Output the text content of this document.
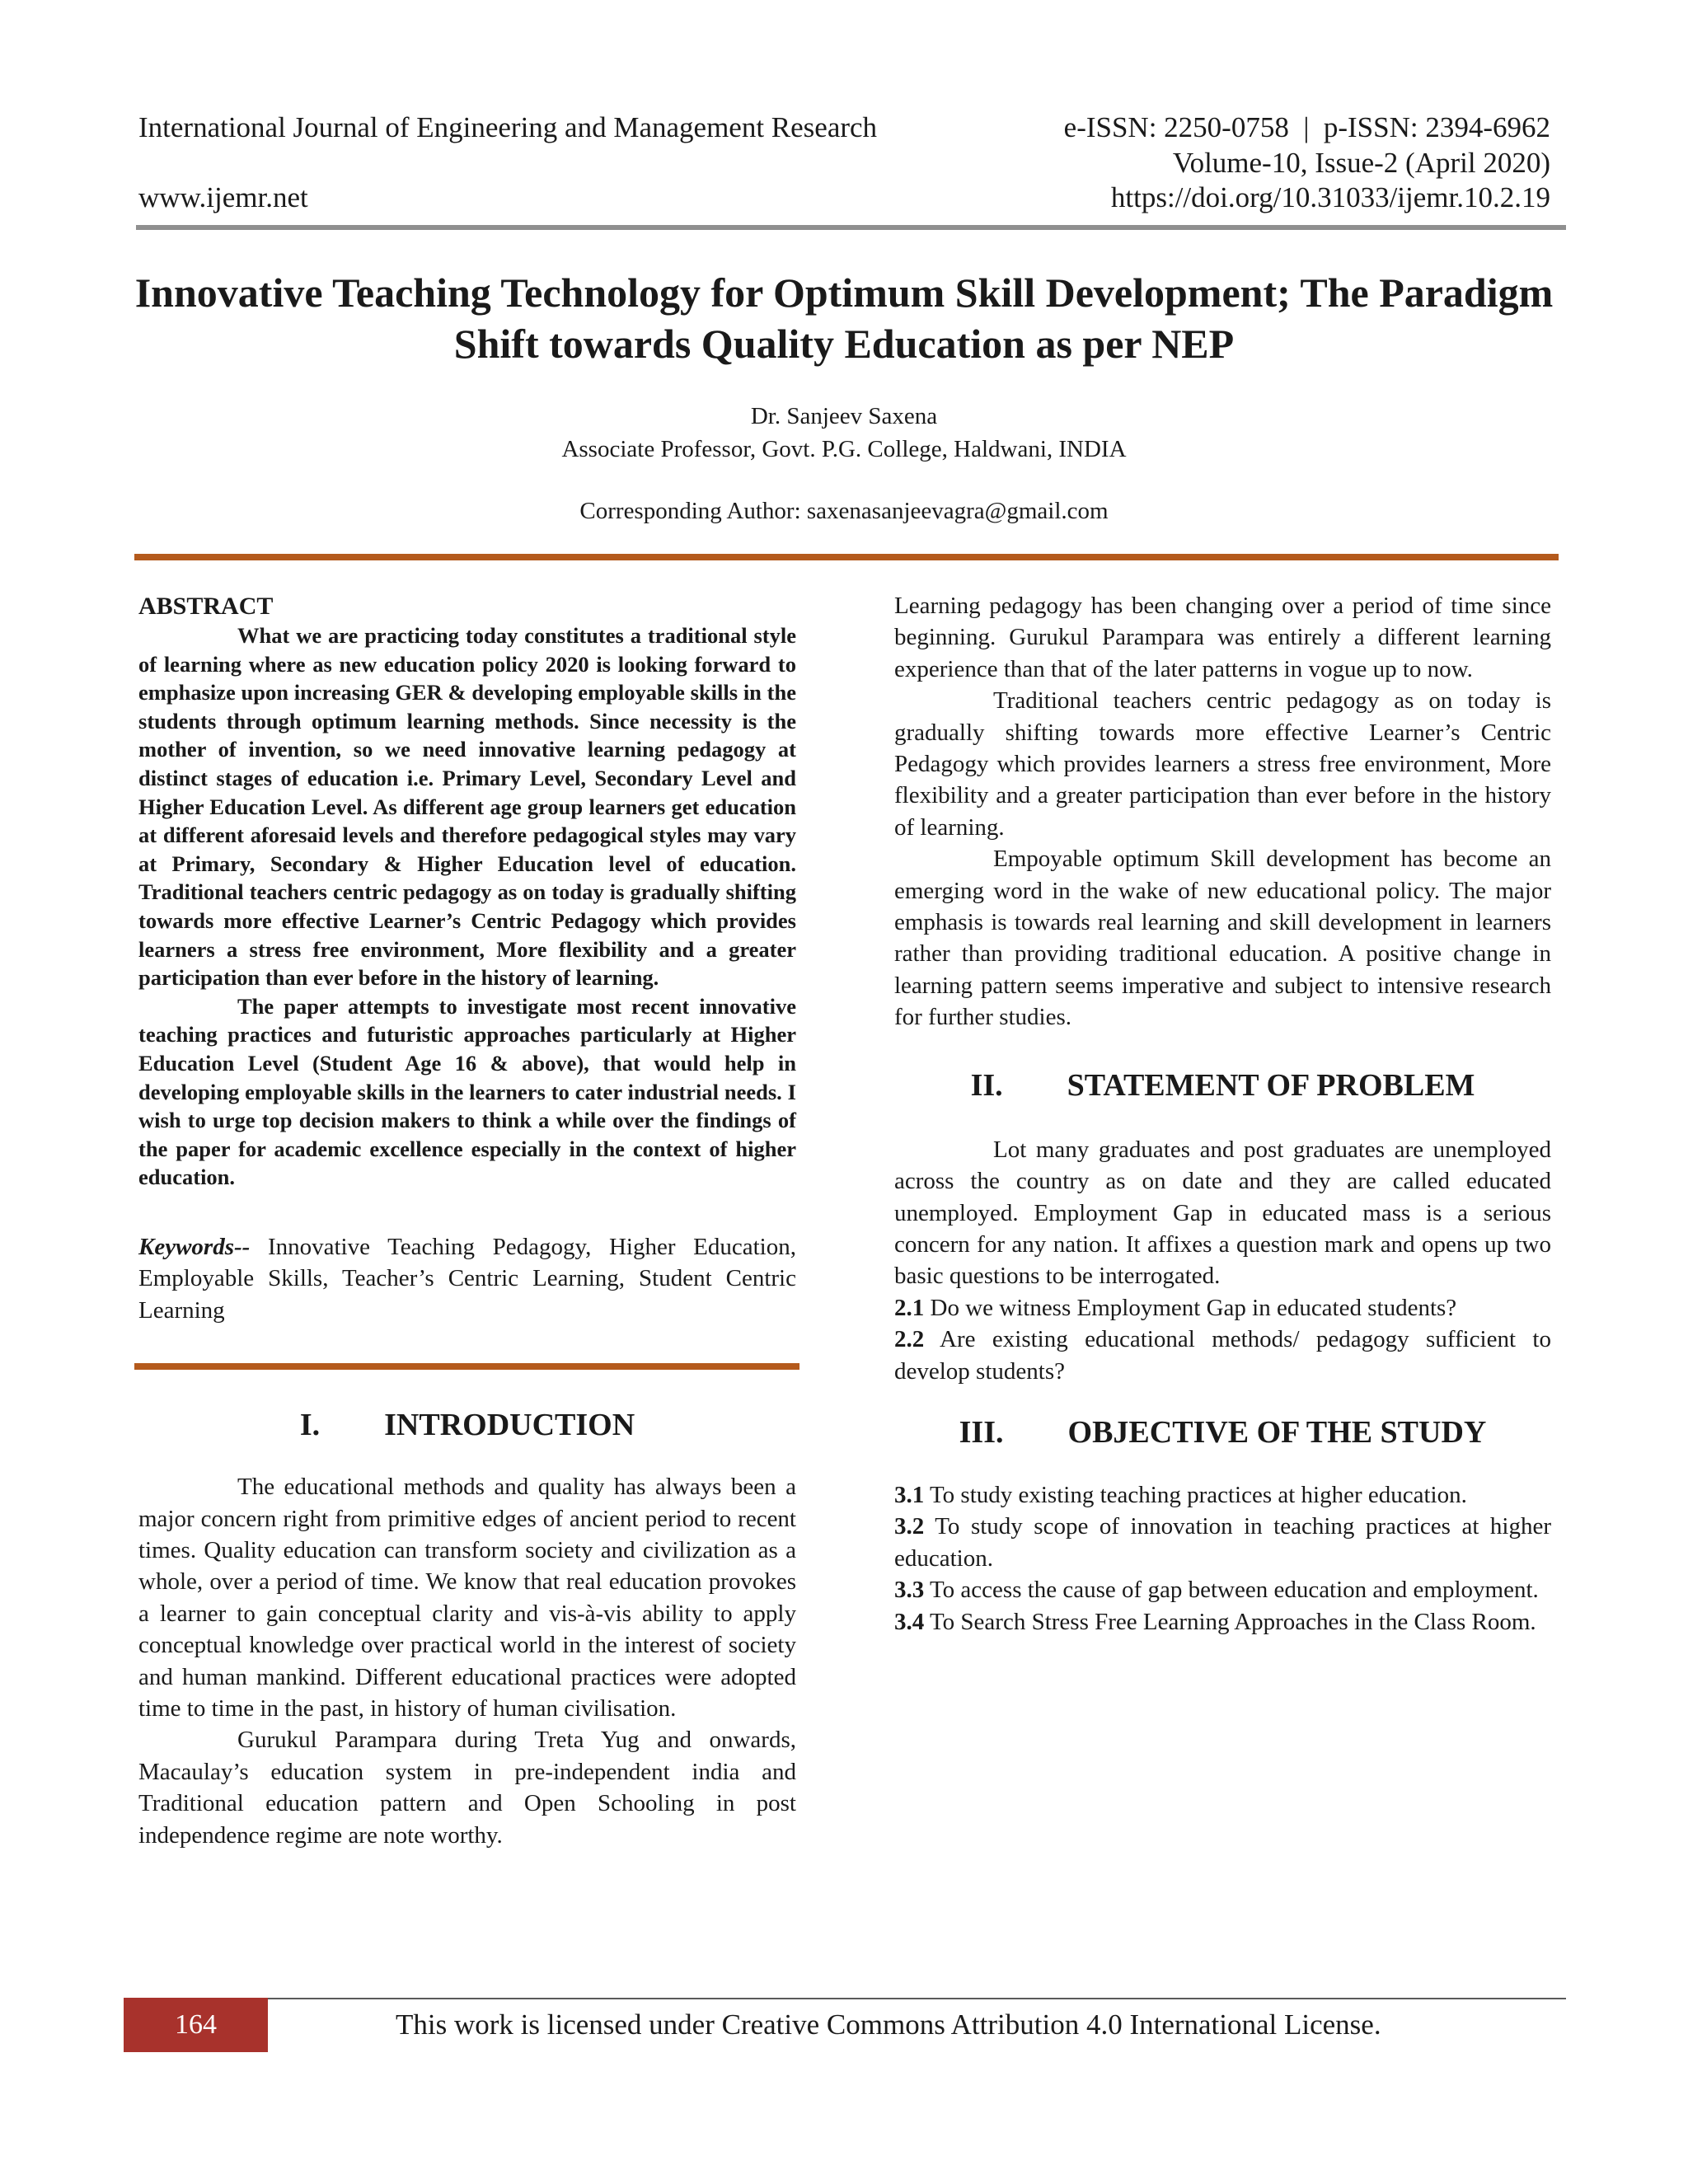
International Journal of Engineering and Management Research	e-ISSN: 2250-0758  |  p-ISSN: 2394-6962
Volume-10, Issue-2 (April 2020)
www.ijemr.net	https://doi.org/10.31033/ijemr.10.2.19
Innovative Teaching Technology for Optimum Skill Development; The Paradigm Shift towards Quality Education as per NEP
Dr. Sanjeev Saxena
Associate Professor, Govt. P.G. College, Haldwani, INDIA
Corresponding Author: saxenasanjeevagra@gmail.com
ABSTRACT

What we are practicing today constitutes a traditional style of learning where as new education policy 2020 is looking forward to emphasize upon increasing GER & developing employable skills in the students through optimum learning methods. Since necessity is the mother of invention, so we need innovative learning pedagogy at distinct stages of education i.e. Primary Level, Secondary Level and Higher Education Level. As different age group learners get education at different aforesaid levels and therefore pedagogical styles may vary at Primary, Secondary & Higher Education level of education. Traditional teachers centric pedagogy as on today is gradually shifting towards more effective Learner’s Centric Pedagogy which provides learners a stress free environment, More flexibility and a greater participation than ever before in the history of learning.

The paper attempts to investigate most recent innovative teaching practices and futuristic approaches particularly at Higher Education Level (Student Age 16 & above), that would help in developing employable skills in the learners to cater industrial needs. I wish to urge top decision makers to think a while over the findings of the paper for academic excellence especially in the context of higher education.

Keywords-- Innovative Teaching Pedagogy, Higher Education, Employable Skills, Teacher’s Centric Learning, Student Centric Learning

I. INTRODUCTION

The educational methods and quality has always been a major concern right from primitive edges of ancient period to recent times. Quality education can transform society and civilization as a whole, over a period of time. We know that real education provokes a learner to gain conceptual clarity and vis-à-vis ability to apply conceptual knowledge over practical world in the interest of society and human mankind. Different educational practices were adopted time to time in the past, in history of human civilisation.

Gurukul Parampara during Treta Yug and onwards, Macaulay’s education system in pre-independent india and Traditional education pattern and Open Schooling in post independence regime are note worthy.

Learning pedagogy has been changing over a period of time since beginning. Gurukul Parampara was entirely a different learning experience than that of the later patterns in vogue up to now.

Traditional teachers centric pedagogy as on today is gradually shifting towards more effective Learner’s Centric Pedagogy which provides learners a stress free environment, More flexibility and a greater participation than ever before in the history of learning.

Empoyable optimum Skill development has become an emerging word in the wake of new educational policy. The major emphasis is towards real learning and skill development in learners rather than providing traditional education. A positive change in learning pattern seems imperative and subject to intensive research for further studies.

II. STATEMENT OF PROBLEM

Lot many graduates and post graduates are unemployed across the country as on date and they are called educated unemployed. Employment Gap in educated mass is a serious concern for any nation. It affixes a question mark and opens up two basic questions to be interrogated.

2.1 Do we witness Employment Gap in educated students?

2.2 Are existing educational methods/ pedagogy sufficient to develop students?

III. OBJECTIVE OF THE STUDY

3.1 To study existing teaching practices at higher education.

3.2 To study scope of innovation in teaching practices at higher education.

3.3 To access the cause of gap between education and employment.

3.4 To Search Stress Free Learning Approaches in the Class Room.

164	This work is licensed under Creative Commons Attribution 4.0 International License.
